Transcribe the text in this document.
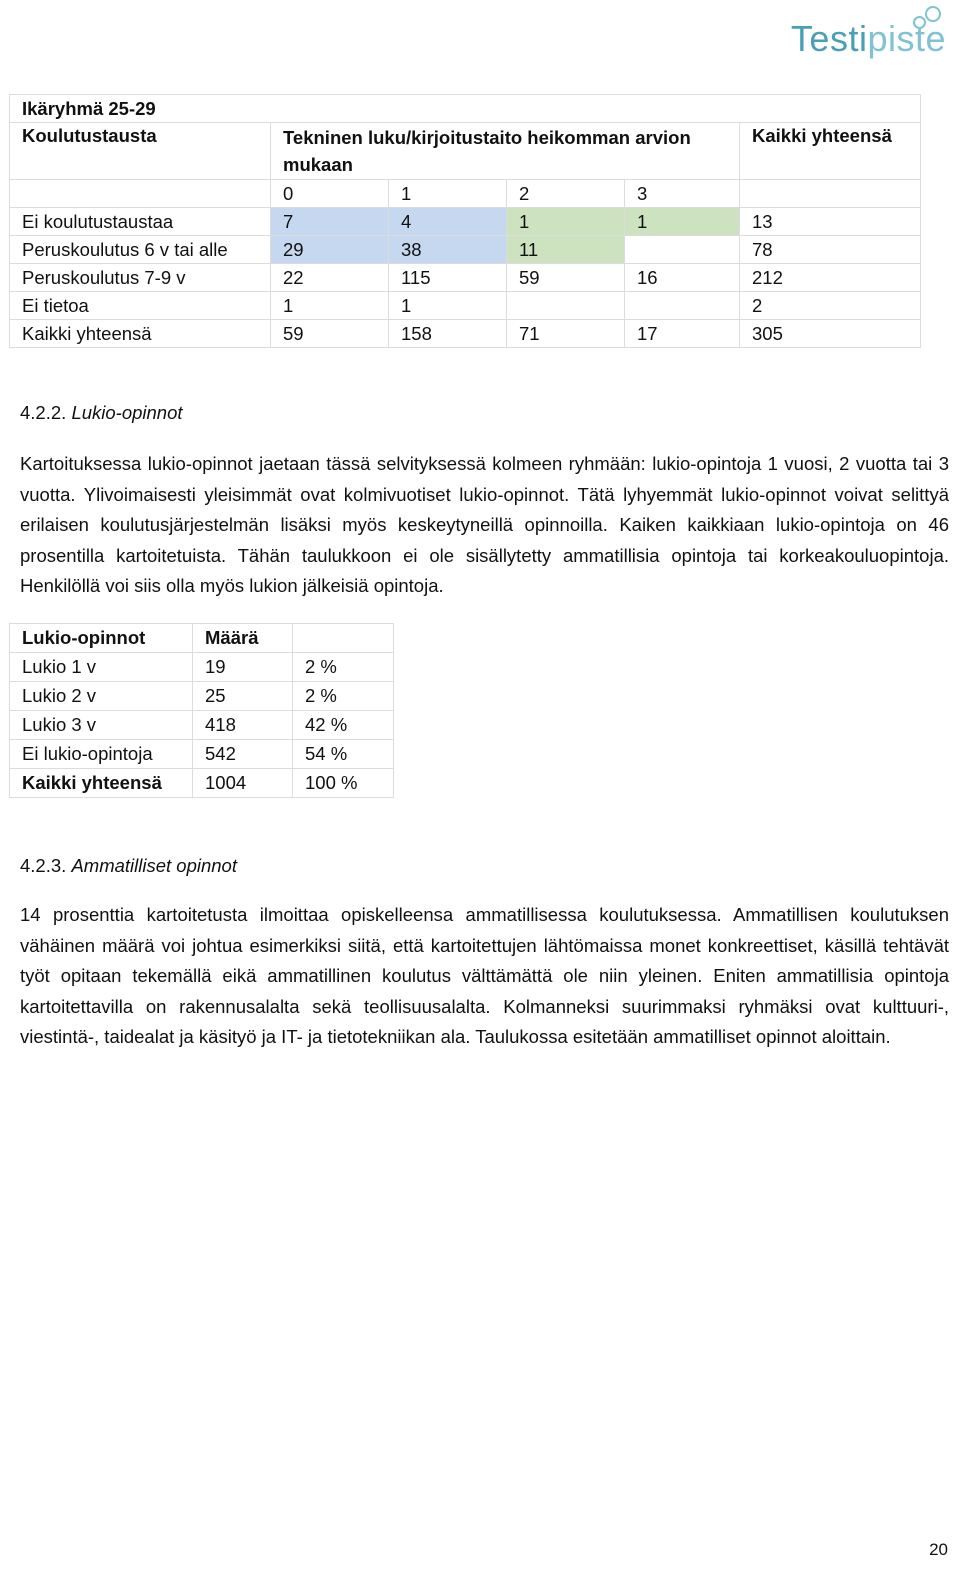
Testipiste
Ikäryhmä 25-29					
Koulutustausta	Tekninen luku/kirjoitustaito heikomman arvion mukaan				Kaikki yhteensä
	0	1	2	3	
Ei koulutustaustaa	7	4	1	1	13
Peruskoulutus 6 v tai alle	29	38	11		78
Peruskoulutus 7-9 v	22	115	59	16	212
Ei tietoa	1	1			2
Kaikki yhteensä	59	158	71	17	305
4.2.2. Lukio-opinnot
Kartoituksessa lukio-opinnot jaetaan tässä selvityksessä kolmeen ryhmään: lukio-opintoja 1 vuosi, 2 vuotta tai 3 vuotta. Ylivoimaisesti yleisimmät ovat kolmivuotiset lukio-opinnot. Tätä lyhyemmät lukio-opinnot voivat selittyä erilaisen koulutusjärjestelmän lisäksi myös keskeytyneillä opinnoilla. Kaiken kaikkiaan lukio-opintoja on 46 prosentilla kartoitetuista. Tähän taulukkoon ei ole sisällytetty ammatillisia opintoja tai korkeakouluopintoja. Henkilöllä voi siis olla myös lukion jälkeisiä opintoja.
Lukio-opinnot	Määrä	
Lukio 1 v	19	2 %
Lukio 2 v	25	2 %
Lukio 3 v	418	42 %
Ei lukio-opintoja	542	54 %
Kaikki yhteensä	1004	100 %
4.2.3. Ammatilliset opinnot
14 prosenttia kartoitetusta ilmoittaa opiskelleensa ammatillisessa koulutuksessa. Ammatillisen koulutuksen vähäinen määrä voi johtua esimerkiksi siitä, että kartoitettujen lähtömaissa monet konkreettiset, käsillä tehtävät työt opitaan tekemällä eikä ammatillinen koulutus välttämättä ole niin yleinen. Eniten ammatillisia opintoja kartoitettavilla on rakennusalalta sekä teollisuusalalta. Kolmanneksi suurimmaksi ryhmäksi ovat kulttuuri-, viestintä-, taidealat ja käsityö ja IT- ja tietotekniikan ala. Taulukossa esitetään ammatilliset opinnot aloittain.
20
